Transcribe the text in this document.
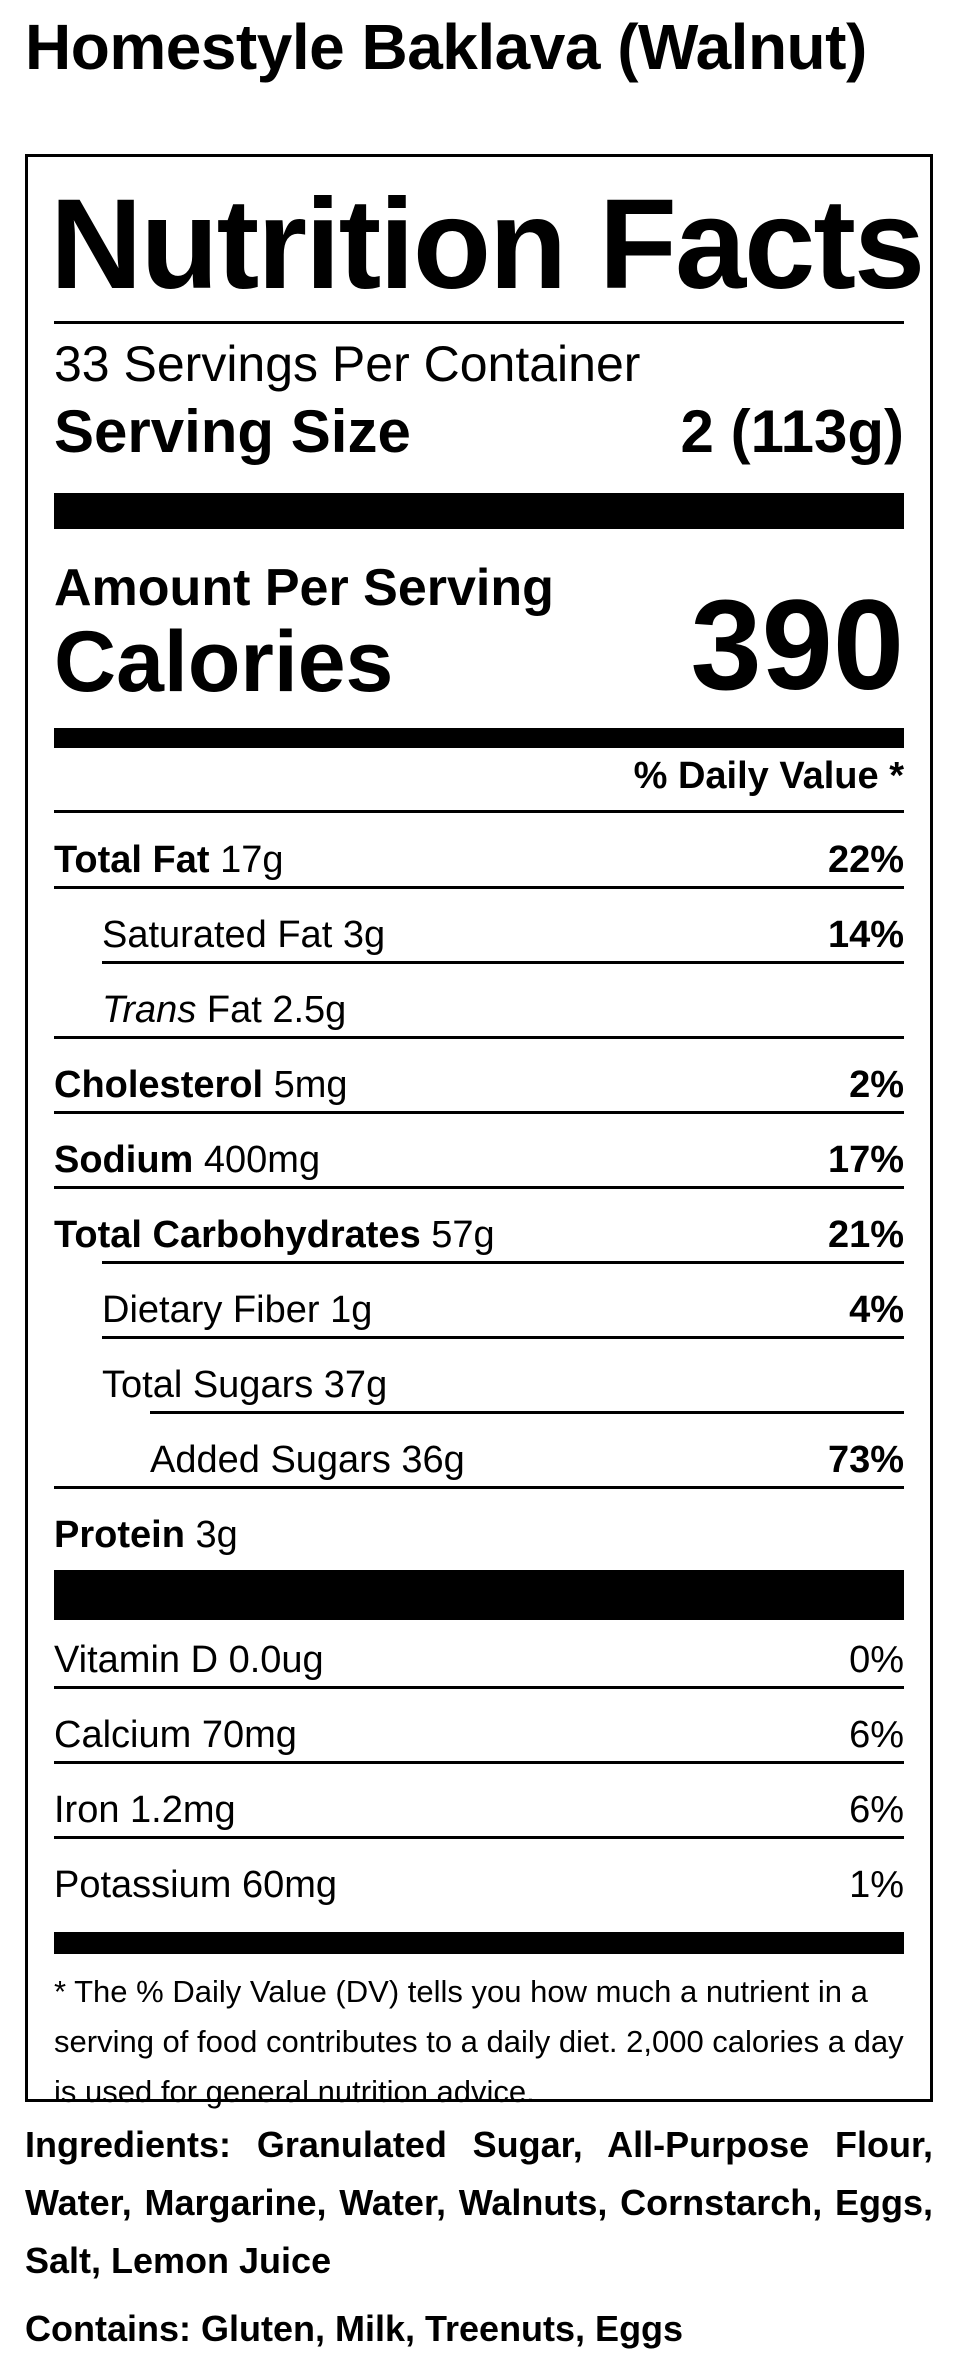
Homestyle Baklava (Walnut)
Nutrition Facts
33 Servings Per Container
Serving Size	2 (113g)
Amount Per Serving
Calories 390
% Daily Value *
Total Fat 17g	22%
Saturated Fat 3g	14%
Trans Fat 2.5g
Cholesterol 5mg	2%
Sodium 400mg	17%
Total Carbohydrates 57g	21%
Dietary Fiber 1g	4%
Total Sugars 37g
Added Sugars 36g	73%
Protein 3g
Vitamin D 0.0ug	0%
Calcium 70mg	6%
Iron 1.2mg	6%
Potassium 60mg	1%
* The % Daily Value (DV) tells you how much a nutrient in a serving of food contributes to a daily diet. 2,000 calories a day is used for general nutrition advice.
Ingredients: Granulated Sugar, All-Purpose Flour, Water, Margarine, Water, Walnuts, Cornstarch, Eggs, Salt, Lemon Juice
Contains: Gluten, Milk, Treenuts, Eggs
